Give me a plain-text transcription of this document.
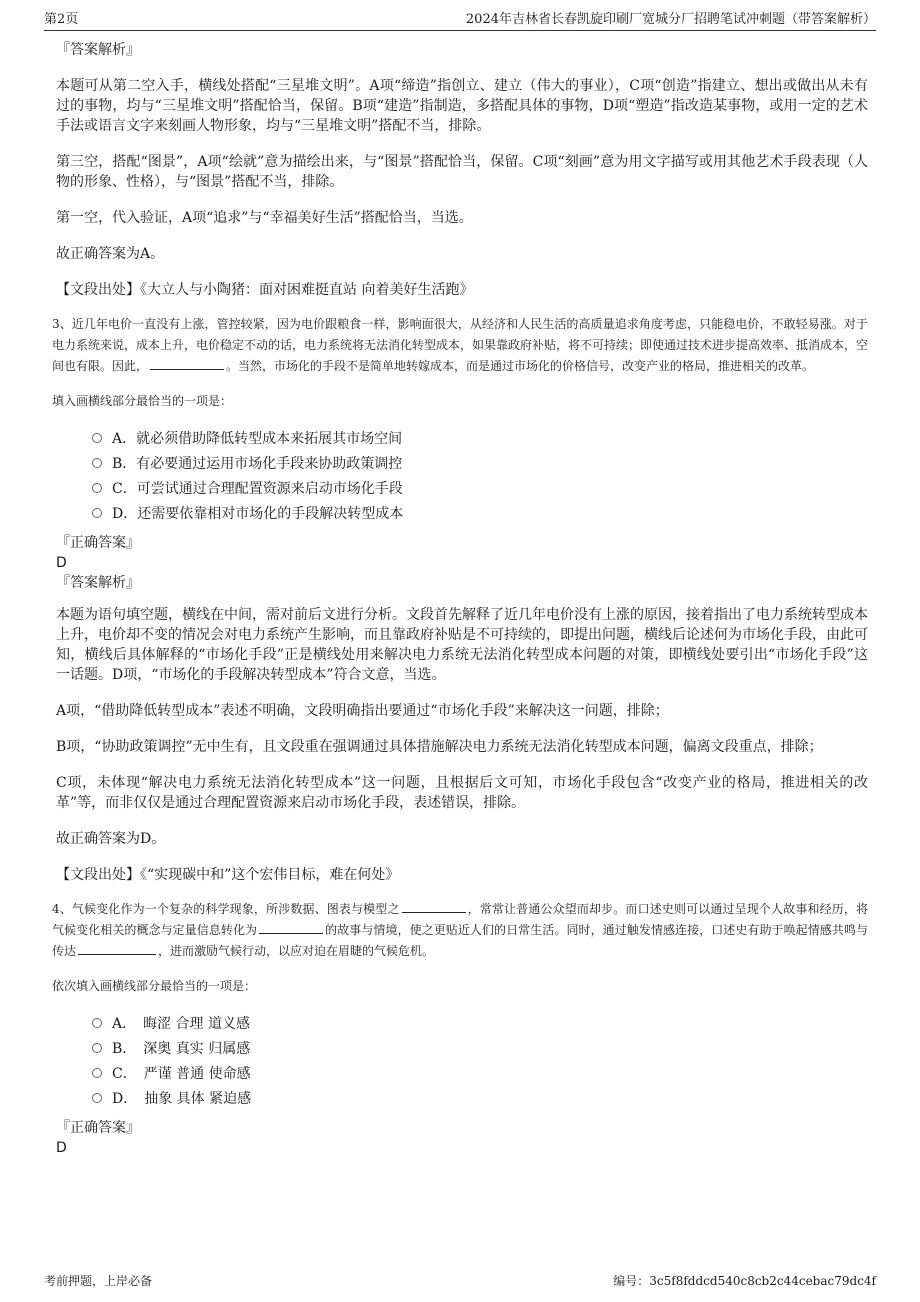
第2页	2024年吉林省长春凯旋印刷厂宽城分厂招聘笔试冲刺题（带答案解析）

『答案解析』

本题可从第二空入手，横线处搭配“三星堆文明”。A项“缔造”指创立、建立（伟大的事业），C项“创造”指建立、想出或做出从未有过的事物，均与“三星堆文明”搭配恰当，保留。B项“建造”指制造，多搭配具体的事物，D项“塑造”指改造某事物，或用一定的艺术手法或语言文字来刻画人物形象，均与“三星堆文明”搭配不当，排除。

第三空，搭配“图景”，A项“绘就”意为描绘出来，与“图景”搭配恰当，保留。C项“刻画”意为用文字描写或用其他艺术手段表现（人物的形象、性格），与“图景”搭配不当，排除。

第一空，代入验证，A项“追求”与“幸福美好生活”搭配恰当，当选。

故正确答案为A。

【文段出处】《大立人与小陶猪：面对困难挺直站 向着美好生活跑》

3、近几年电价一直没有上涨，管控较紧，因为电价跟粮食一样，影响面很大，从经济和人民生活的高质量追求角度考虑，只能稳电价，不敢轻易涨。对于电力系统来说，成本上升，电价稳定不动的话，电力系统将无法消化转型成本，如果靠政府补贴，将不可持续；即使通过技术进步提高效率、抵消成本，空间也有限。因此，	。当然，市场化的手段不是简单地转嫁成本，而是通过市场化的价格信号，改变产业的格局，推进相关的改革。

填入画横线部分最恰当的一项是：

A．就必须借助降低转型成本来拓展其市场空间
B．有必要通过运用市场化手段来协助政策调控
C．可尝试通过合理配置资源来启动市场化手段
D．还需要依靠相对市场化的手段解决转型成本

『正确答案』

D

『答案解析』

本题为语句填空题，横线在中间，需对前后文进行分析。文段首先解释了近几年电价没有上涨的原因，接着指出了电力系统转型成本上升，电价却不变的情况会对电力系统产生影响，而且靠政府补贴是不可持续的，即提出问题，横线后论述何为市场化手段，由此可知，横线后具体解释的“市场化手段”正是横线处用来解决电力系统无法消化转型成本问题的对策，即横线处要引出“市场化手段”这一话题。D项，“市场化的手段解决转型成本”符合文意，当选。

A项，“借助降低转型成本”表述不明确，文段明确指出要通过“市场化手段”来解决这一问题，排除；

B项，“协助政策调控”无中生有，且文段重在强调通过具体措施解决电力系统无法消化转型成本问题，偏离文段重点，排除；

C项，未体现“解决电力系统无法消化转型成本”这一问题，且根据后文可知，市场化手段包含“改变产业的格局，推进相关的改革”等，而非仅仅是通过合理配置资源来启动市场化手段，表述错误，排除。

故正确答案为D。

【文段出处】《“实现碳中和”这个宏伟目标，难在何处》

4、气候变化作为一个复杂的科学现象，所涉数据、图表与模型之	，常常让普通公众望而却步。而口述史则可以通过呈现个人故事和经历，将气候变化相关的概念与定量信息转化为	的故事与情境，使之更贴近人们的日常生活。同时，通过触发情感连接，口述史有助于唤起情感共鸣与传达	，进而激励气候行动，以应对迫在眉睫的气候危机。

依次填入画横线部分最恰当的一项是：

A．　晦涩 合理 道义感
B．　深奥 真实 归属感
C．　严谨 普通 使命感
D．　抽象 具体 紧迫感

『正确答案』

D

考前押题，上岸必备	编号：3c5f8fddcd540c8cb2c44cebac79dc4f
